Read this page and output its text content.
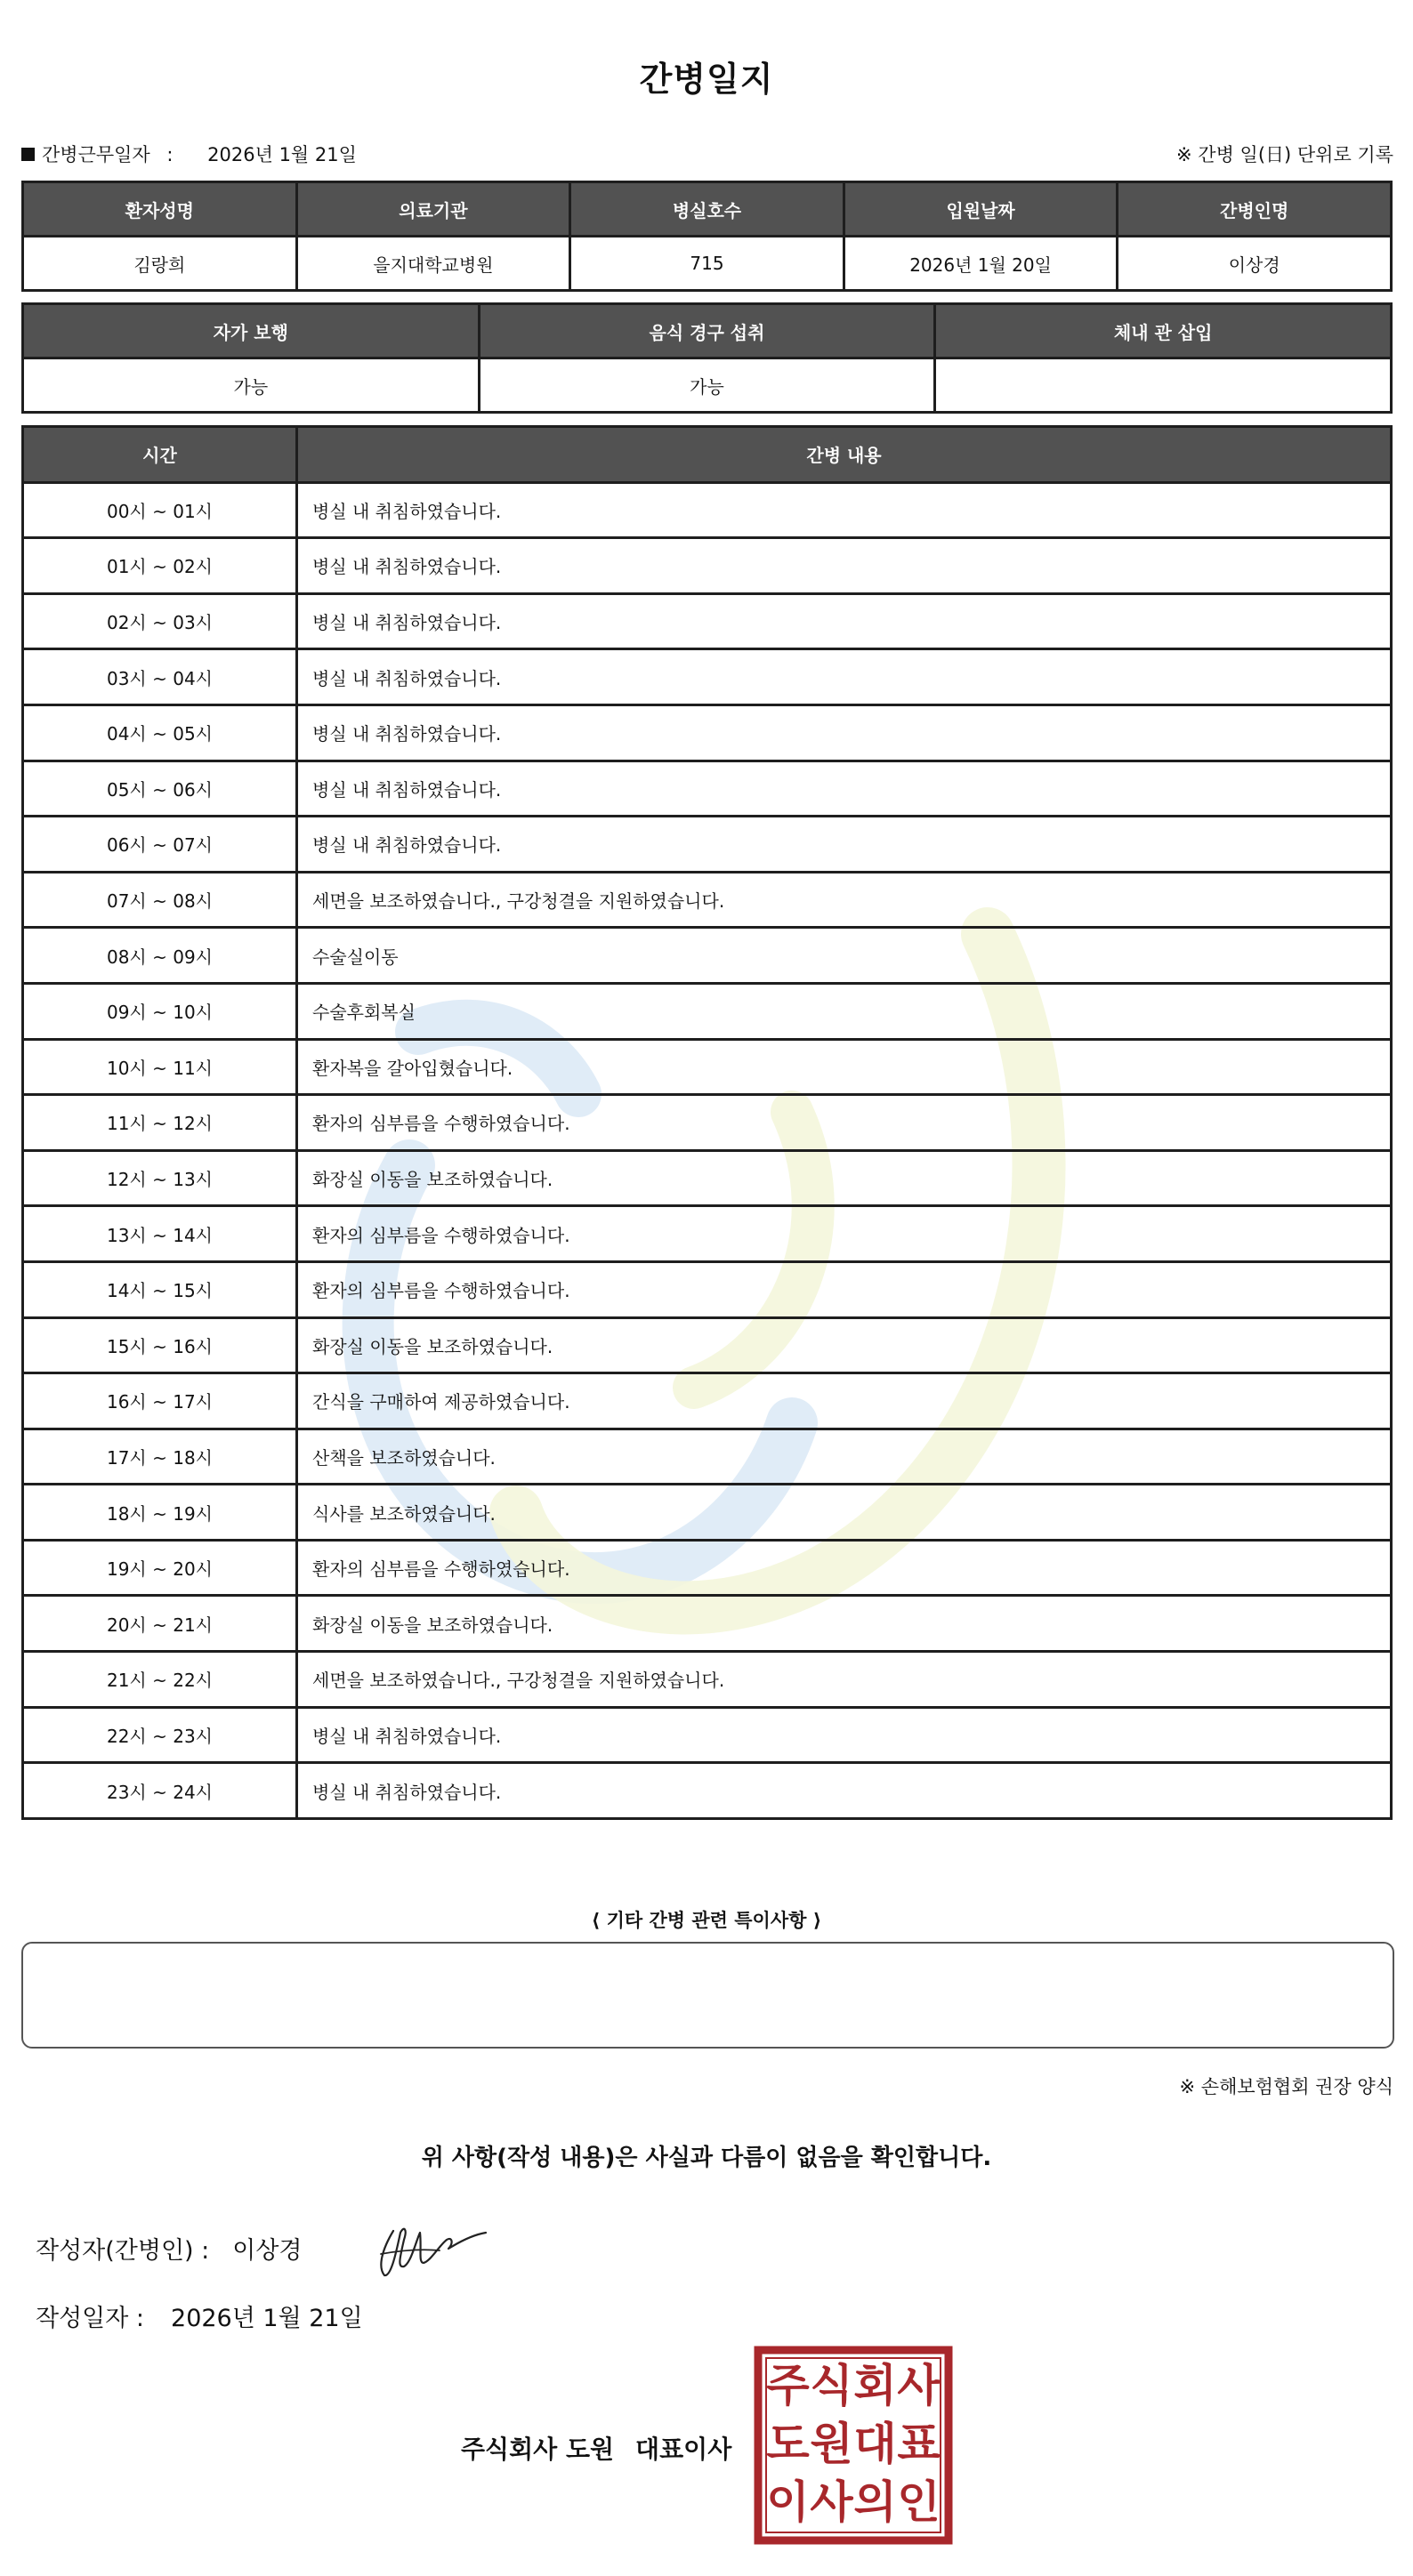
간병일지
간병근무일자 : 2026년 1월 21일	※ 간병 일(日) 단위로 기록
환자성명	의료기관	병실호수	입원날짜	간병인명
김랑희	을지대학교병원	715	2026년 1월 20일	이상경
자가 보행	음식 경구 섭취	체내 관 삽입
가능	가능	
시간	간병 내용
00시 ~ 01시	병실 내 취침하였습니다.
01시 ~ 02시	병실 내 취침하였습니다.
02시 ~ 03시	병실 내 취침하였습니다.
03시 ~ 04시	병실 내 취침하였습니다.
04시 ~ 05시	병실 내 취침하였습니다.
05시 ~ 06시	병실 내 취침하였습니다.
06시 ~ 07시	병실 내 취침하였습니다.
07시 ~ 08시	세면을 보조하였습니다., 구강청결을 지원하였습니다.
08시 ~ 09시	수술실이동
09시 ~ 10시	수술후회복실
10시 ~ 11시	환자복을 갈아입혔습니다.
11시 ~ 12시	환자의 심부름을 수행하였습니다.
12시 ~ 13시	화장실 이동을 보조하였습니다.
13시 ~ 14시	환자의 심부름을 수행하였습니다.
14시 ~ 15시	환자의 심부름을 수행하였습니다.
15시 ~ 16시	화장실 이동을 보조하였습니다.
16시 ~ 17시	간식을 구매하여 제공하였습니다.
17시 ~ 18시	산책을 보조하였습니다.
18시 ~ 19시	식사를 보조하였습니다.
19시 ~ 20시	환자의 심부름을 수행하였습니다.
20시 ~ 21시	화장실 이동을 보조하였습니다.
21시 ~ 22시	세면을 보조하였습니다., 구강청결을 지원하였습니다.
22시 ~ 23시	병실 내 취침하였습니다.
23시 ~ 24시	병실 내 취침하였습니다.
⟨ 기타 간병 관련 특이사항 ⟩
※ 손해보험협회 권장 양식
위 사항(작성 내용)은 사실과 다름이 없음을 확인합니다.
작성자(간병인) : 이상경
작성일자 : 2026년 1월 21일
주식회사 도원 대표이사
주 식 회 사
도 원 대 표
이 사 의 인
